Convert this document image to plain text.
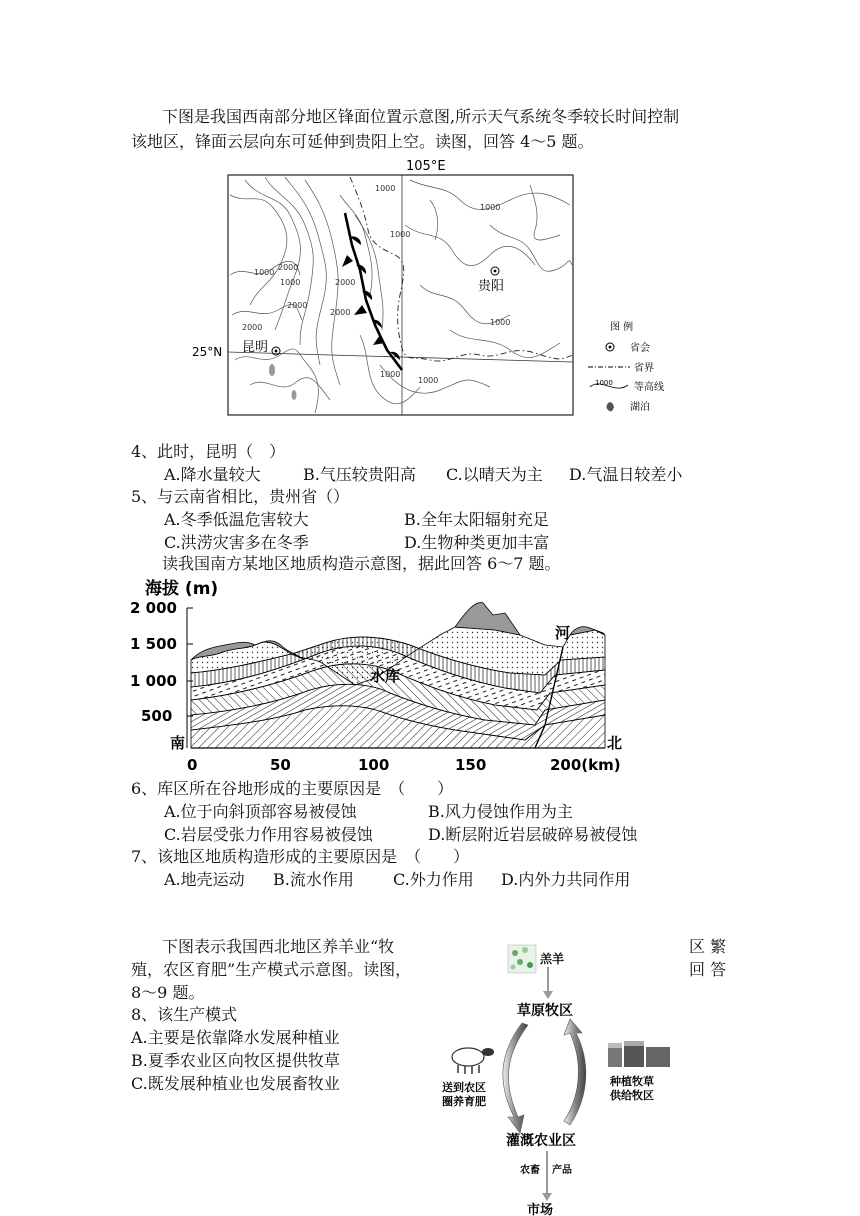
下图是我国西南部分地区锋面位置示意图,所示天气系统冬季较长时间控制
该地区，锋面云层向东可延伸到贵阳上空。读图，回答 4～5 题。
105°E
25°N
1000
1000
2000
1000
2000
1000	2000
2000
1000
2000
1000
1000
1000
昆明
贵阳
图 例
省会
省界
1000 等高线
湖泊
4、此时，昆明（　）
A.降水量较大	B.气压较贵阳高 C.以晴天为主 D.气温日较差小
5、与云南省相比，贵州省（）
A.冬季低温危害较大	B.全年太阳辐射充足
C.洪涝灾害多在冬季	D.生物种类更加丰富
读我国南方某地区地质构造示意图，据此回答 6～7 题。
海拔 (m)
2 000
1 500
1 000
500
水库
河
南	北
0	50	100	150	200(km)
6、库区所在谷地形成的主要原因是　（　　）
A.位于向斜顶部容易被侵蚀	B.风力侵蚀作用为主
C.岩层受张力作用容易被侵蚀	D.断层附近岩层破碎易被侵蚀
7、该地区地质构造形成的主要原因是　（　　）
A.地壳运动 B.流水作用 C.外力作用 D.内外力共同作用
下图表示我国西北地区养羊业“牧	区 繁
殖，农区育肥”生产模式示意图。读图，	回 答
8～9 题。
8、该生产模式
A.主要是依靠降水发展种植业
B.夏季农业区向牧区提供牧草
C.既发展种植业也发展畜牧业
羔羊
草原牧区
送到农区
圈养育肥
种植牧草
供给牧区
灌溉农业区
农畜 产品
市场
